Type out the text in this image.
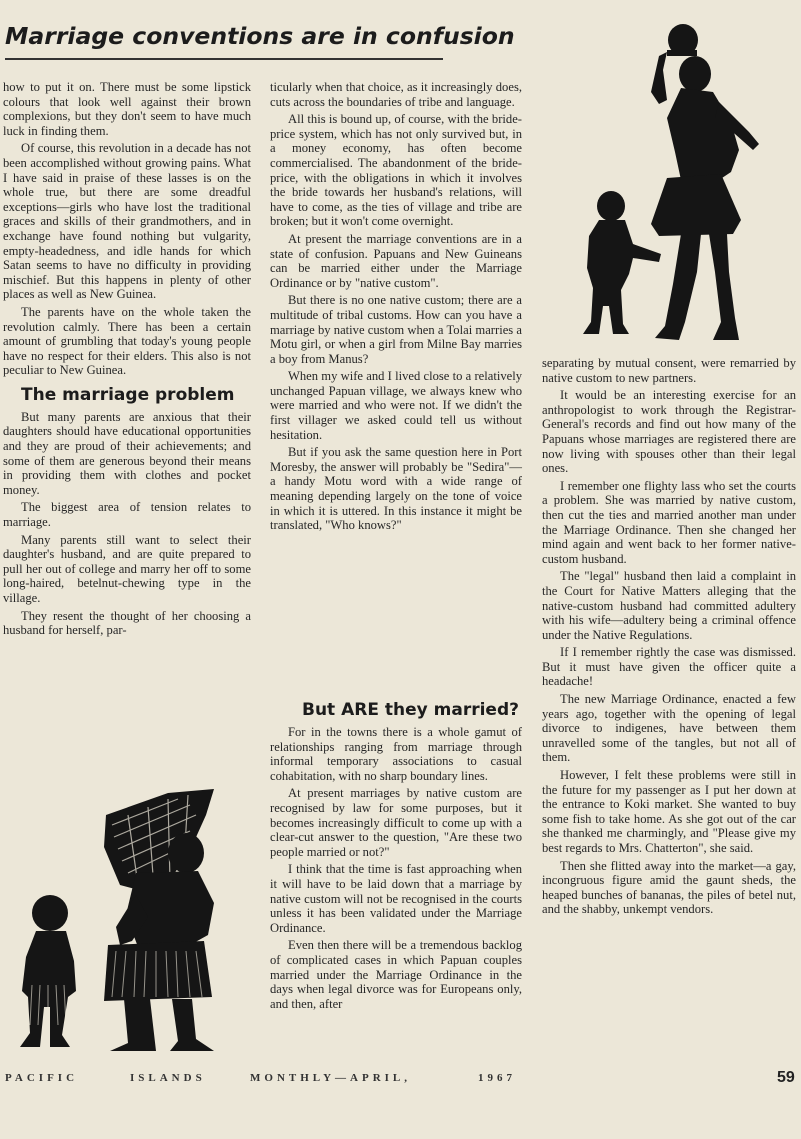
Marriage conventions are in confusion

how to put it on. There must be some lipstick colours that look well against their brown complexions, but they don't seem to have much luck in finding them.

Of course, this revolution in a decade has not been accomplished without growing pains. What I have said in praise of these lasses is on the whole true, but there are some dreadful exceptions—girls who have lost the traditional graces and skills of their grandmothers, and in exchange have found nothing but vulgarity, empty-headedness, and idle hands for which Satan seems to have no difficulty in providing mischief. But this happens in plenty of other places as well as New Guinea.

The parents have on the whole taken the revolution calmly. There has been a certain amount of grumbling that today's young people have no respect for their elders. This also is not peculiar to New Guinea.

The marriage problem

But many parents are anxious that their daughters should have educational opportunities and they are proud of their achievements; and some of them are generous beyond their means in providing them with clothes and pocket money.

The biggest area of tension relates to marriage.

Many parents still want to select their daughter's husband, and are quite prepared to pull her out of college and marry her off to some long-haired, betelnut-chewing type in the village.

They resent the thought of her choosing a husband for herself, par-

ticularly when that choice, as it increasingly does, cuts across the boundaries of tribe and language.

All this is bound up, of course, with the bride-price system, which has not only survived but, in a money economy, has often become commercialised. The abandonment of the bride-price, with the obligations in which it involves the bride towards her husband's relations, will have to come, as the ties of village and tribe are broken; but it won't come overnight.

At present the marriage conventions are in a state of confusion. Papuans and New Guineans can be married either under the Marriage Ordinance or by "native custom".

But there is no one native custom; there are a multitude of tribal customs. How can you have a marriage by native custom when a Tolai marries a Motu girl, or when a girl from Milne Bay marries a boy from Manus?

When my wife and I lived close to a relatively unchanged Papuan village, we always knew who were married and who were not. If we didn't the first villager we asked could tell us without hesitation.

But if you ask the same question here in Port Moresby, the answer will probably be "Sedira"—a handy Motu word with a wide range of meaning depending largely on the tone of voice in which it is uttered. In this instance it might be translated, "Who knows?"

But ARE they married?

For in the towns there is a whole gamut of relationships ranging from marriage through informal temporary associations to casual cohabitation, with no sharp boundary lines.

At present marriages by native custom are recognised by law for some purposes, but it becomes increasingly difficult to come up with a clear-cut answer to the question, "Are these two people married or not?"

I think that the time is fast approaching when it will have to be laid down that a marriage by native custom will not be recognised in the courts unless it has been validated under the Marriage Ordinance.

Even then there will be a tremendous backlog of complicated cases in which Papuan couples married under the Marriage Ordinance in the days when legal divorce was for Europeans only, and then, after

separating by mutual consent, were remarried by native custom to new partners.

It would be an interesting exercise for an anthropologist to work through the Registrar-General's records and find out how many of the Papuans whose marriages are registered there are now living with spouses other than their legal ones.

I remember one flighty lass who set the courts a problem. She was married by native custom, then cut the ties and married another man under the Marriage Ordinance. Then she changed her mind again and went back to her former native-custom husband.

The "legal" husband then laid a complaint in the Court for Native Matters alleging that the native-custom husband had committed adultery with his wife—adultery being a criminal offence under the Native Regulations.

If I remember rightly the case was dismissed. But it must have given the officer quite a headache!

The new Marriage Ordinance, enacted a few years ago, together with the opening of legal divorce to indigenes, have between them unravelled some of the tangles, but not all of them.

However, I felt these problems were still in the future for my passenger as I put her down at the entrance to Koki market. She wanted to buy some fish to take home. As she got out of the car she thanked me charmingly, and "Please give my best regards to Mrs. Chatterton", she said.

Then she flitted away into the market—a gay, incongruous figure amid the gaunt sheds, the heaped bunches of bananas, the piles of betel nut, and the shabby, unkempt vendors.

PACIFIC	ISLANDS	MONTHLY—APRIL,	1967	59
